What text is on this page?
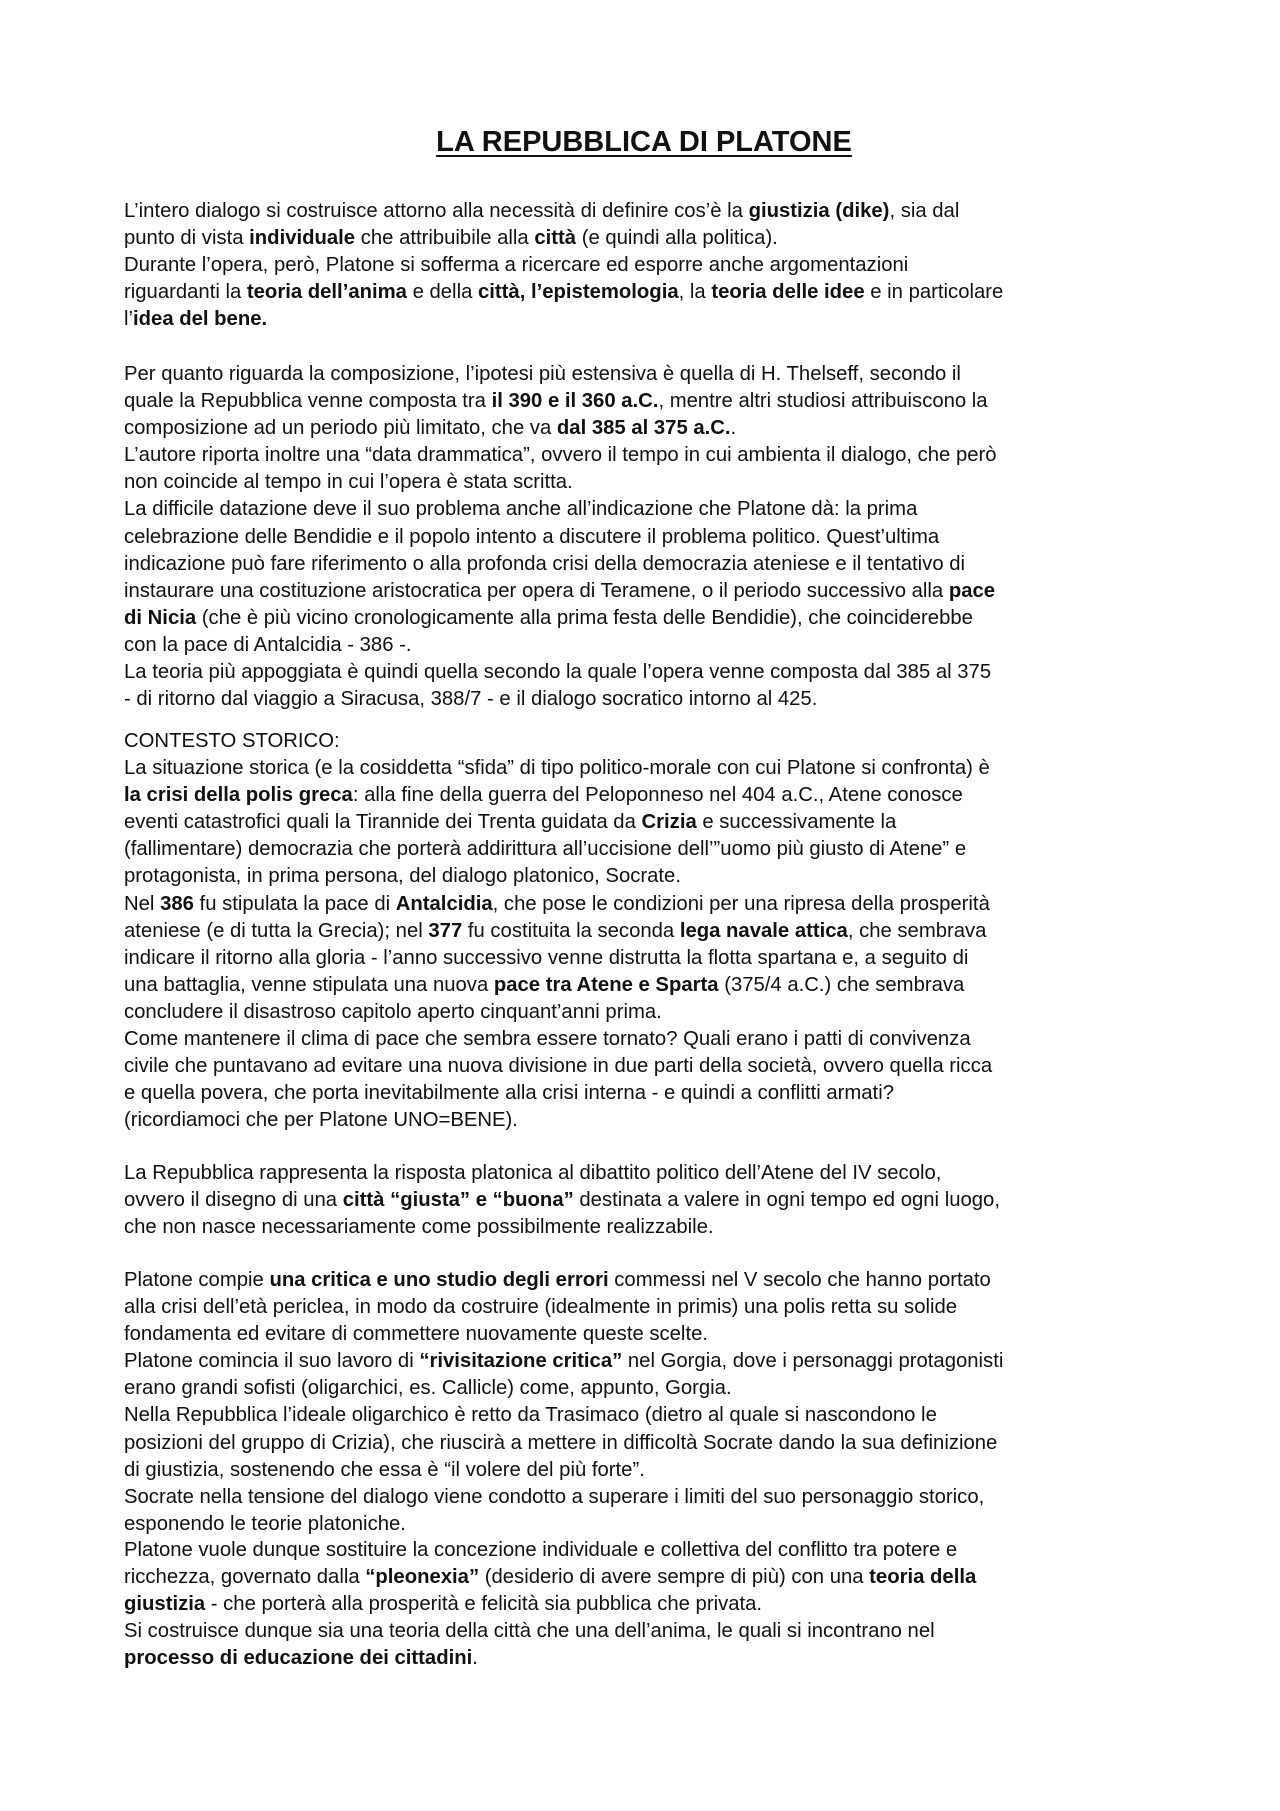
LA REPUBBLICA DI PLATONE

L’intero dialogo si costruisce attorno alla necessità di definire cos’è la giustizia (dike), sia dal
punto di vista individuale che attribuibile alla città (e quindi alla politica).
Durante l’opera, però, Platone si sofferma a ricercare ed esporre anche argomentazioni
riguardanti la teoria dell’anima e della città, l’epistemologia, la teoria delle idee e in particolare
l’idea del bene.

Per quanto riguarda la composizione, l’ipotesi più estensiva è quella di H. Thelseff, secondo il
quale la Repubblica venne composta tra il 390 e il 360 a.C., mentre altri studiosi attribuiscono la
composizione ad un periodo più limitato, che va dal 385 al 375 a.C..
L’autore riporta inoltre una “data drammatica”, ovvero il tempo in cui ambienta il dialogo, che però
non coincide al tempo in cui l’opera è stata scritta.
La difficile datazione deve il suo problema anche all’indicazione che Platone dà: la prima
celebrazione delle Bendidie e il popolo intento a discutere il problema politico. Quest’ultima
indicazione può fare riferimento o alla profonda crisi della democrazia ateniese e il tentativo di
instaurare una costituzione aristocratica per opera di Teramene, o il periodo successivo alla pace
di Nicia (che è più vicino cronologicamente alla prima festa delle Bendidie), che coinciderebbe
con la pace di Antalcidia - 386 -.
La teoria più appoggiata è quindi quella secondo la quale l’opera venne composta dal 385 al 375
- di ritorno dal viaggio a Siracusa, 388/7 - e il dialogo socratico intorno al 425.

CONTESTO STORICO:
La situazione storica (e la cosiddetta “sfida” di tipo politico-morale con cui Platone si confronta) è
la crisi della polis greca: alla fine della guerra del Peloponneso nel 404 a.C., Atene conosce
eventi catastrofici quali la Tirannide dei Trenta guidata da Crizia e successivamente la
(fallimentare) democrazia che porterà addirittura all’uccisione dell’”uomo più giusto di Atene” e
protagonista, in prima persona, del dialogo platonico, Socrate.
Nel 386 fu stipulata la pace di Antalcidia, che pose le condizioni per una ripresa della prosperità
ateniese (e di tutta la Grecia); nel 377 fu costituita la seconda lega navale attica, che sembrava
indicare il ritorno alla gloria - l’anno successivo venne distrutta la flotta spartana e, a seguito di
una battaglia, venne stipulata una nuova pace tra Atene e Sparta (375/4 a.C.) che sembrava
concludere il disastroso capitolo aperto cinquant’anni prima.
Come mantenere il clima di pace che sembra essere tornato? Quali erano i patti di convivenza
civile che puntavano ad evitare una nuova divisione in due parti della società, ovvero quella ricca
e quella povera, che porta inevitabilmente alla crisi interna - e quindi a conflitti armati?
(ricordiamoci che per Platone UNO=BENE).

La Repubblica rappresenta la risposta platonica al dibattito politico dell’Atene del IV secolo,
ovvero il disegno di una città “giusta” e “buona” destinata a valere in ogni tempo ed ogni luogo,
che non nasce necessariamente come possibilmente realizzabile.

Platone compie una critica e uno studio degli errori commessi nel V secolo che hanno portato
alla crisi dell’età periclea, in modo da costruire (idealmente in primis) una polis retta su solide
fondamenta ed evitare di commettere nuovamente queste scelte.
Platone comincia il suo lavoro di “rivisitazione critica” nel Gorgia, dove i personaggi protagonisti
erano grandi sofisti (oligarchici, es. Callicle) come, appunto, Gorgia.
Nella Repubblica l’ideale oligarchico è retto da Trasimaco (dietro al quale si nascondono le
posizioni del gruppo di Crizia), che riuscirà a mettere in difficoltà Socrate dando la sua definizione
di giustizia, sostenendo che essa è “il volere del più forte”.
Socrate nella tensione del dialogo viene condotto a superare i limiti del suo personaggio storico,
esponendo le teorie platoniche.

Platone vuole dunque sostituire la concezione individuale e collettiva del conflitto tra potere e
ricchezza, governato dalla “pleonexia” (desiderio di avere sempre di più) con una teoria della
giustizia - che porterà alla prosperità e felicità sia pubblica che privata.
Si costruisce dunque sia una teoria della città che una dell’anima, le quali si incontrano nel
processo di educazione dei cittadini.
